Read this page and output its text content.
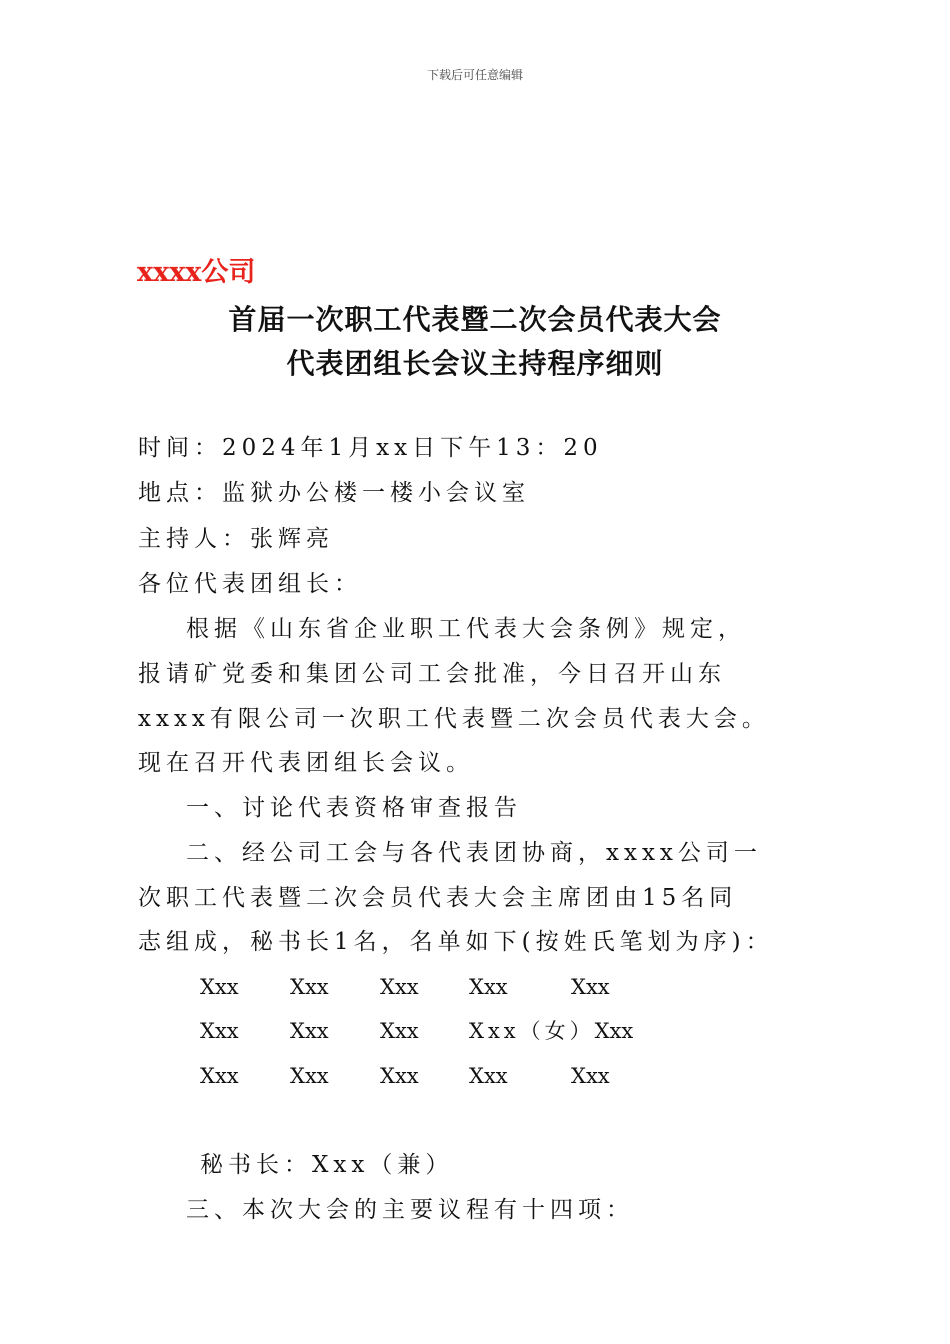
下载后可任意编辑
xxxx公司
首届一次职工代表暨二次会员代表大会
代表团组长会议主持程序细则
时间：2024年1月xx日下午13：20
地点：监狱办公楼一楼小会议室
主持人：张辉亮
各位代表团组长：
根据《山东省企业职工代表大会条例》规定，
报请矿党委和集团公司工会批准，今日召开山东
xxxx有限公司一次职工代表暨二次会员代表大会。
现在召开代表团组长会议。
一、讨论代表资格审查报告
二、经公司工会与各代表团协商，xxxx公司一
次职工代表暨二次会员代表大会主席团由15名同
志组成，秘书长1名，名单如下(按姓氏笔划为序)：
Xxx Xxx Xxx Xxx	Xxx
Xxx Xxx Xxx Xxx（女）Xxx
Xxx Xxx Xxx Xxx	Xxx
秘书长：Xxx（兼）
三、本次大会的主要议程有十四项：
